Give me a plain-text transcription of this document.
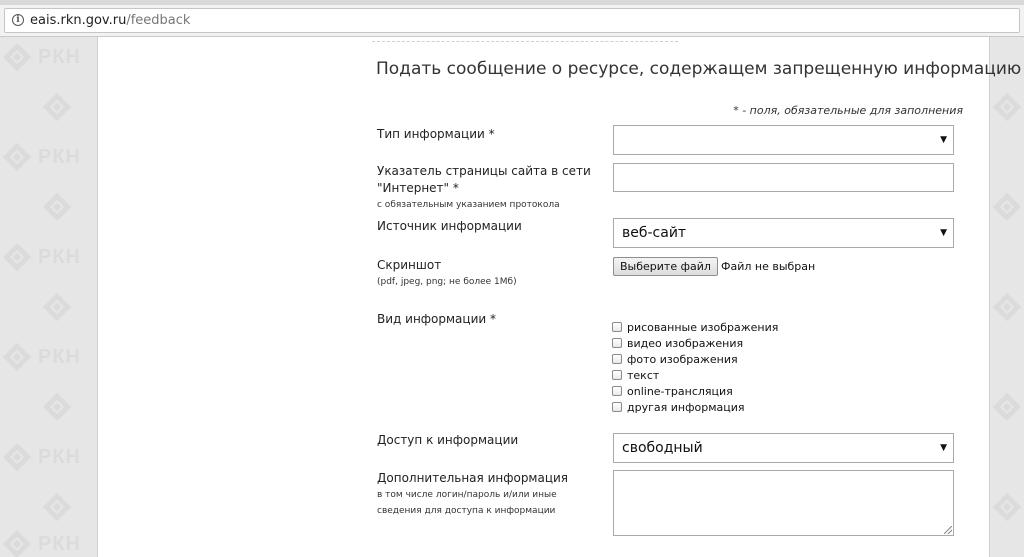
i eais.rkn.gov.ru/feedback
РКН
РКН
РКН
РКН
РКН
РКН
Подать сообщение о ресурсе, содержащем запрещенную информацию
* - поля, обязательные для заполнения
Тип информации *	▼
Указатель страницы сайта в сети
"Интернет" *
с обязательным указанием протокола
Источник информации	веб-сайт	▼
Скриншот
(pdf, jpeg, png; не более 1Мб)
Выберите файл Файл не выбран
Вид информации *
рисованные изображения
видео изображения
фото изображения
текст
online-трансляция
другая информация
Доступ к информации	свободный	▼
Дополнительная информация
в том числе логин/пароль и/или иные
сведения для доступа к информации
